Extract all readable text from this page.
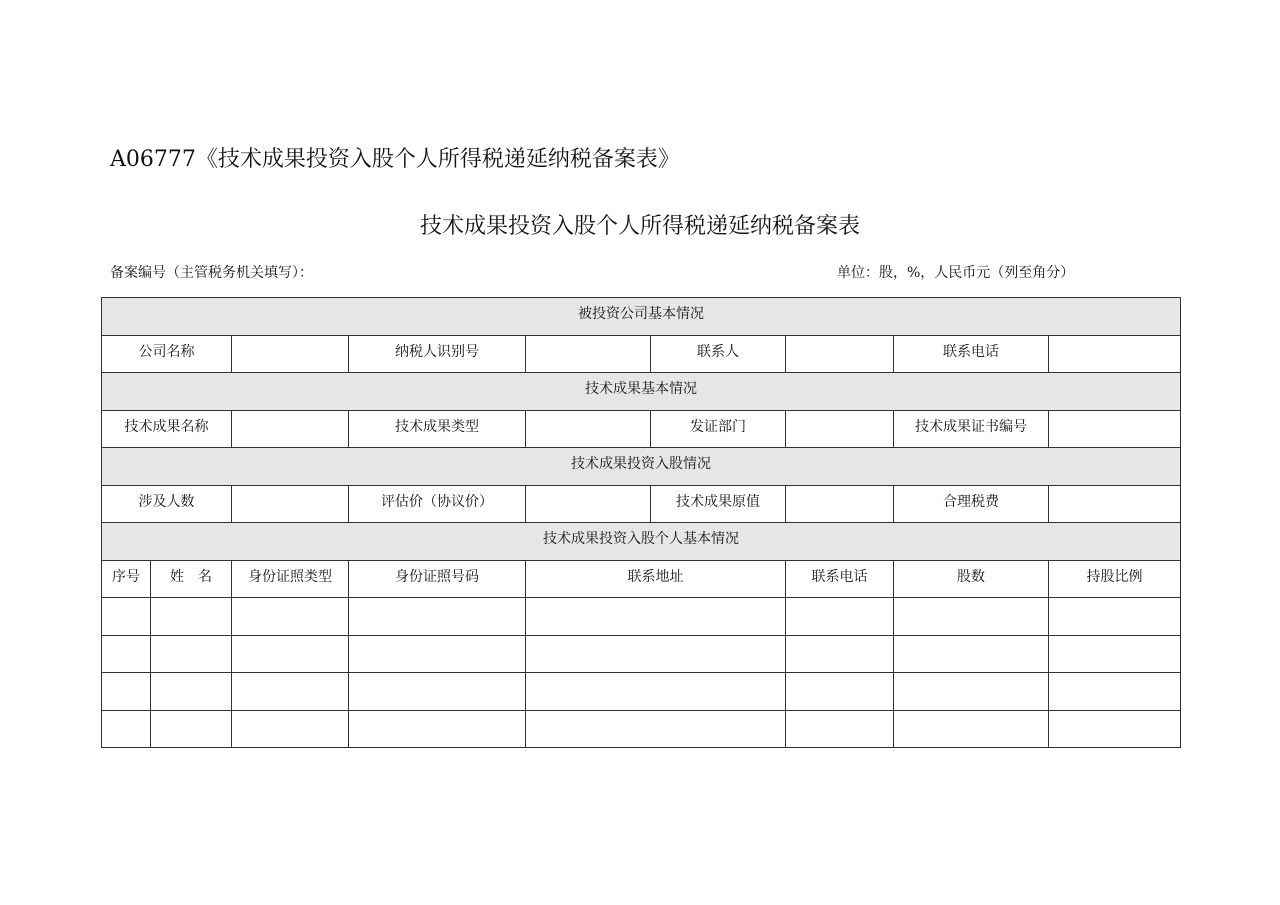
A06777《技术成果投资入股个人所得税递延纳税备案表》
技术成果投资入股个人所得税递延纳税备案表
备案编号（主管税务机关填写）：	单位：股，%，人民币元（列至角分）
被投资公司基本情况								
公司名称			纳税人识别号		联系人		联系电话	
技术成果基本情况								
技术成果名称			技术成果类型		发证部门		技术成果证书编号	
技术成果投资入股情况								
涉及人数			评估价（协议价）		技术成果原值		合理税费	
技术成果投资入股个人基本情况								
序号	姓　名	身份证照类型	身份证照号码	联系地址		联系电话	股数	持股比例
